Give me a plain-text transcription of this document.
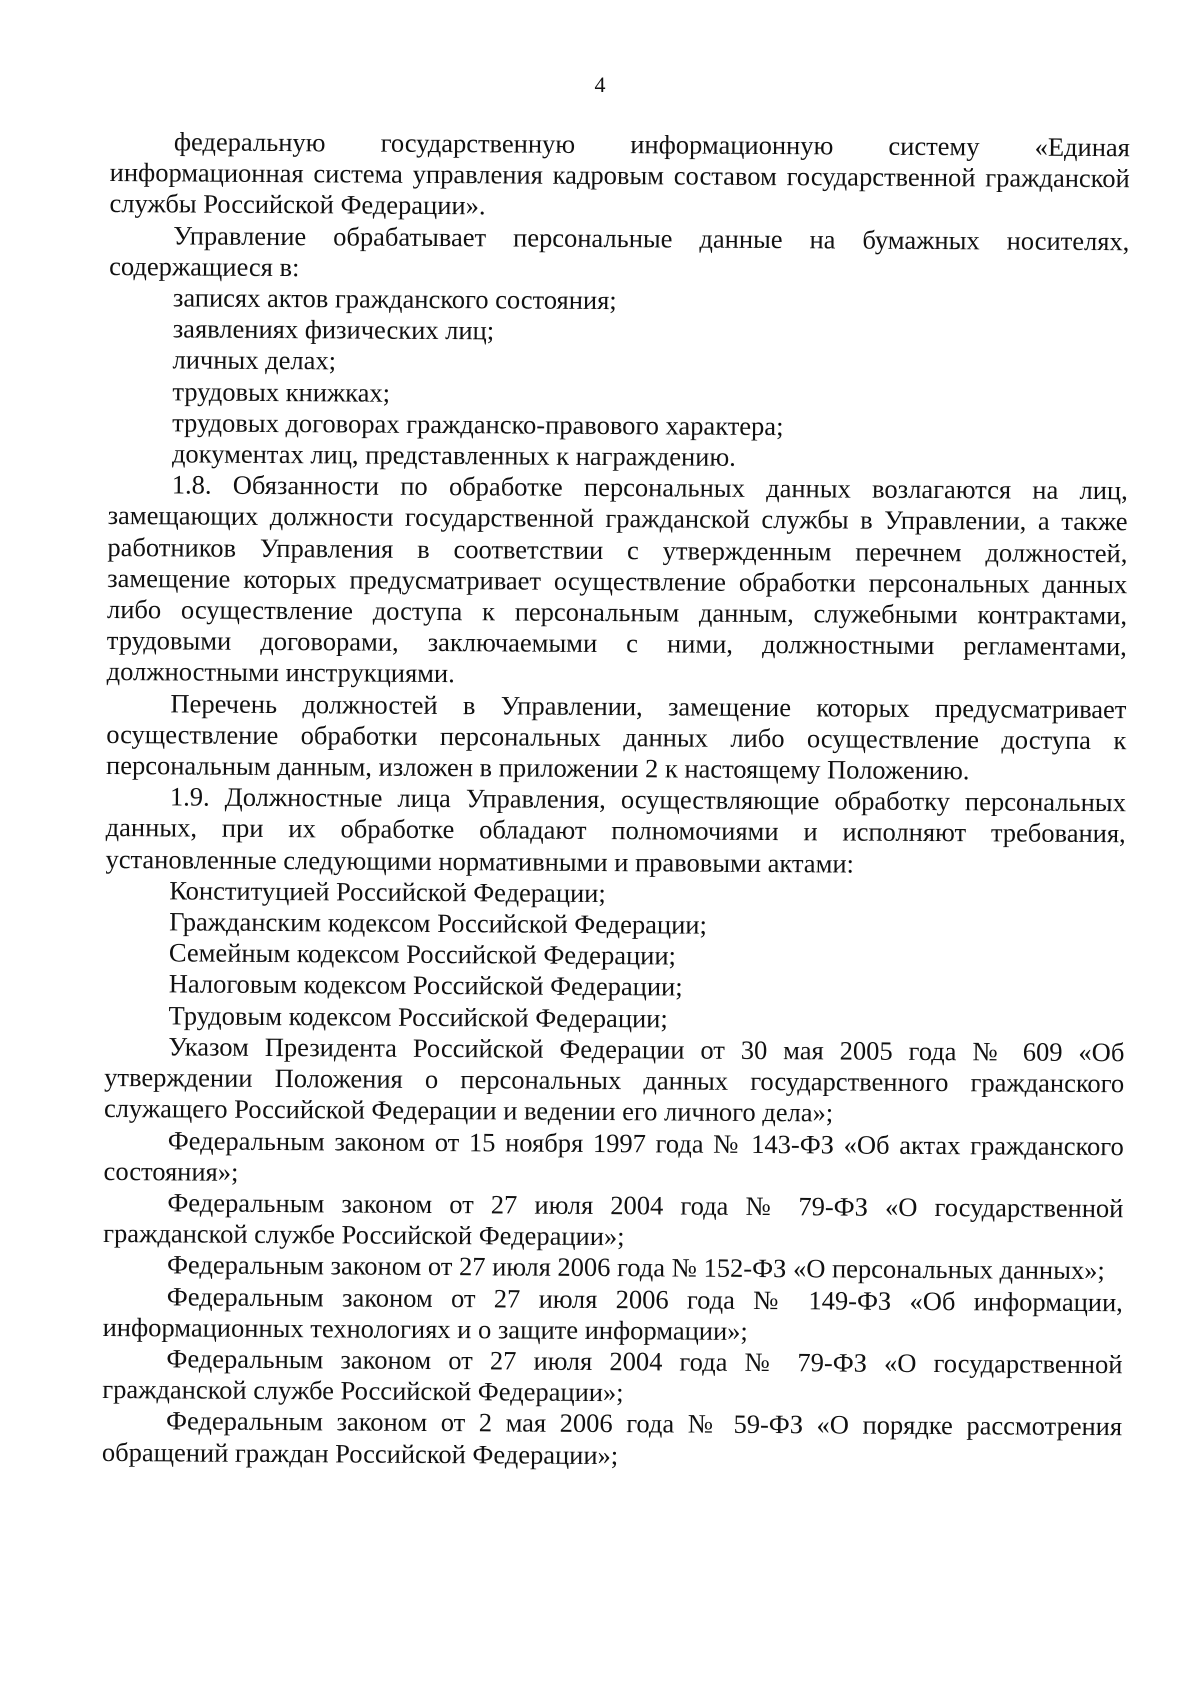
4

федеральную государственную информационную систему «Единая информационная система управления кадровым составом государственной гражданской службы Российской Федерации».

Управление обрабатывает персональные данные на бумажных носителях, содержащиеся в:

записях актов гражданского состояния;

заявлениях физических лиц;

личных делах;

трудовых книжках;

трудовых договорах гражданско-правового характера;

документах лиц, представленных к награждению.

1.8. Обязанности по обработке персональных данных возлагаются на лиц, замещающих должности государственной гражданской службы в Управлении, а также работников Управления в соответствии с утвержденным перечнем должностей, замещение которых предусматривает осуществление обработки персональных данных либо осуществление доступа к персональным данным, служебными контрактами, трудовыми договорами, заключаемыми с ними, должностными регламентами, должностными инструкциями.

Перечень должностей в Управлении, замещение которых предусматривает осуществление обработки персональных данных либо осуществление доступа к персональным данным, изложен в приложении 2 к настоящему Положению.

1.9. Должностные лица Управления, осуществляющие обработку персональных данных, при их обработке обладают полномочиями и исполняют требования, установленные следующими нормативными и правовыми актами:

Конституцией Российской Федерации;

Гражданским кодексом Российской Федерации;

Семейным кодексом Российской Федерации;

Налоговым кодексом Российской Федерации;

Трудовым кодексом Российской Федерации;

Указом Президента Российской Федерации от 30 мая 2005 года № 609 «Об утверждении Положения о персональных данных государственного гражданского служащего Российской Федерации и ведении его личного дела»;

Федеральным законом от 15 ноября 1997 года № 143-ФЗ «Об актах гражданского состояния»;

Федеральным законом от 27 июля 2004 года № 79-ФЗ «О государственной гражданской службе Российской Федерации»;

Федеральным законом от 27 июля 2006 года № 152-ФЗ «О персональных данных»;

Федеральным законом от 27 июля 2006 года № 149-ФЗ «Об информации, информационных технологиях и о защите информации»;

Федеральным законом от 27 июля 2004 года № 79-ФЗ «О государственной гражданской службе Российской Федерации»;

Федеральным законом от 2 мая 2006 года № 59-ФЗ «О порядке рассмотрения обращений граждан Российской Федерации»;
